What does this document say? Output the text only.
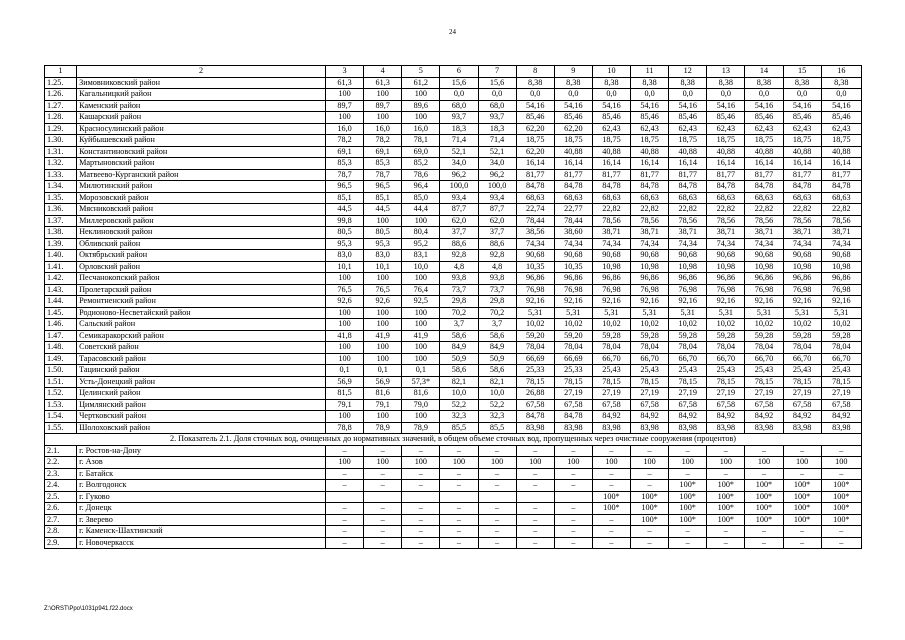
24
1	2	3	4	5	6	7	8	9	10	11	12	13	14	15	16
1.25.	Зимовниковский район	61,3	61,3	61,2	15,6	15,6	8,38	8,38	8,38	8,38	8,38	8,38	8,38	8,38	8,38
1.26.	Кагальницкий район	100	100	100	0,0	0,0	0,0	0,0	0,0	0,0	0,0	0,0	0,0	0,0	0,0
1.27.	Каменский район	89,7	89,7	89,6	68,0	68,0	54,16	54,16	54,16	54,16	54,16	54,16	54,16	54,16	54,16
1.28.	Кашарский район	100	100	100	93,7	93,7	85,46	85,46	85,46	85,46	85,46	85,46	85,46	85,46	85,46
1.29.	Красносулинский район	16,0	16,0	16,0	18,3	18,3	62,20	62,20	62,43	62,43	62,43	62,43	62,43	62,43	62,43
1.30.	Куйбышевский район	78,2	78,2	78,1	71,4	71,4	18,75	18,75	18,75	18,75	18,75	18,75	18,75	18,75	18,75
1.31.	Константиновский район	69,1	69,1	69,0	52,1	52,1	62,20	40,88	40,88	40,88	40,88	40,88	40,88	40,88	40,88
1.32.	Мартыновский район	85,3	85,3	85,2	34,0	34,0	16,14	16,14	16,14	16,14	16,14	16,14	16,14	16,14	16,14
1.33.	Матвеево-Курганский район	78,7	78,7	78,6	96,2	96,2	81,77	81,77	81,77	81,77	81,77	81,77	81,77	81,77	81,77
1.34.	Милютинский район	96,5	96,5	96,4	100,0	100,0	84,78	84,78	84,78	84,78	84,78	84,78	84,78	84,78	84,78
1.35.	Морозовский район	85,1	85,1	85,0	93,4	93,4	68,63	68,63	68,63	68,63	68,63	68,63	68,63	68,63	68,63
1.36.	Мясниковский район	44,5	44,5	44,4	87,7	87,7	22,74	22,77	22,82	22,82	22,82	22,82	22,82	22,82	22,82
1.37.	Миллеровский район	99,8	100	100	62,0	62,0	78,44	78,44	78,56	78,56	78,56	78,56	78,56	78,56	78,56
1.38.	Неклиновский район	80,5	80,5	80,4	37,7	37,7	38,56	38,60	38,71	38,71	38,71	38,71	38,71	38,71	38,71
1.39.	Обливский район	95,3	95,3	95,2	88,6	88,6	74,34	74,34	74,34	74,34	74,34	74,34	74,34	74,34	74,34
1.40.	Октябрьский район	83,0	83,0	83,1	92,8	92,8	90,68	90,68	90,68	90,68	90,68	90,68	90,68	90,68	90,68
1.41.	Орловский район	10,1	10,1	10,0	4,8	4,8	10,35	10,35	10,98	10,98	10,98	10,98	10,98	10,98	10,98
1.42.	Песчанокопский район	100	100	100	93,8	93,8	96,86	96,86	96,86	96,86	96,86	96,86	96,86	96,86	96,86
1.43.	Пролетарский район	76,5	76,5	76,4	73,7	73,7	76,98	76,98	76,98	76,98	76,98	76,98	76,98	76,98	76,98
1.44.	Ремонтненский район	92,6	92,6	92,5	29,8	29,8	92,16	92,16	92,16	92,16	92,16	92,16	92,16	92,16	92,16
1.45.	Родионово-Несветайский район	100	100	100	70,2	70,2	5,31	5,31	5,31	5,31	5,31	5,31	5,31	5,31	5,31
1.46.	Сальский район	100	100	100	3,7	3,7	10,02	10,02	10,02	10,02	10,02	10,02	10,02	10,02	10,02
1.47.	Семикаракорский район	41,8	41,9	41,9	58,6	58,6	59,20	59,20	59,28	59,28	59,28	59,28	59,28	59,28	59,28
1.48.	Советский район	100	100	100	84,9	84,9	78,04	78,04	78,04	78,04	78,04	78,04	78,04	78,04	78,04
1.49.	Тарасовский район	100	100	100	50,9	50,9	66,69	66,69	66,70	66,70	66,70	66,70	66,70	66,70	66,70
1.50.	Тацинский район	0,1	0,1	0,1	58,6	58,6	25,33	25,33	25,43	25,43	25,43	25,43	25,43	25,43	25,43
1.51.	Усть-Донецкий район	56,9	56,9	57,3*	82,1	82,1	78,15	78,15	78,15	78,15	78,15	78,15	78,15	78,15	78,15
1.52.	Целинский район	81,5	81,6	81,6	10,0	10,0	26,88	27,19	27,19	27,19	27,19	27,19	27,19	27,19	27,19
1.53.	Цимлянский район	79,1	79,1	79,0	52,2	52,2	67,58	67,58	67,58	67,58	67,58	67,58	67,58	67,58	67,58
1.54.	Чертковский район	100	100	100	32,3	32,3	84,78	84,78	84,92	84,92	84,92	84,92	84,92	84,92	84,92
1.55.	Шолоховский район	78,8	78,9	78,9	85,5	85,5	83,98	83,98	83,98	83,98	83,98	83,98	83,98	83,98	83,98
2. Показатель 2.1. Доля сточных вод, очищенных до нормативных значений, в общем объеме сточных вод, пропущенных через очистные сооружения (процентов)															
2.1.	г. Ростов-на-Дону	–	–	–	–	–	–	–	–	–	–	–	–	–	–
2.2.	г. Азов	100	100	100	100	100	100	100	100	100	100	100	100	100	100
2.3.	г. Батайск	–	–	–	–	–	–	–	–	–	–	–	–	–	–
2.4.	г. Волгодонск	–	–	–	–	–	–	–	–	–	100*	100*	100*	100*	100*
2.5.	г. Гуково								100*	100*	100*	100*	100*	100*	100*
2.6.	г. Донецк	–	–	–	–	–	–	–	100*	100*	100*	100*	100*	100*	100*
2.7.	г. Зверево	–	–	–	–	–	–	–	–	100*	100*	100*	100*	100*	100*
2.8.	г. Каменск-Шахтинский	–	–	–	–	–	–	–	–	–	–	–	–	–	–
2.9.	г. Новочеркасск	–	–	–	–	–	–	–	–	–	–	–	–	–	–
Z:\ORST\Ppo\1031p941.f22.docx
